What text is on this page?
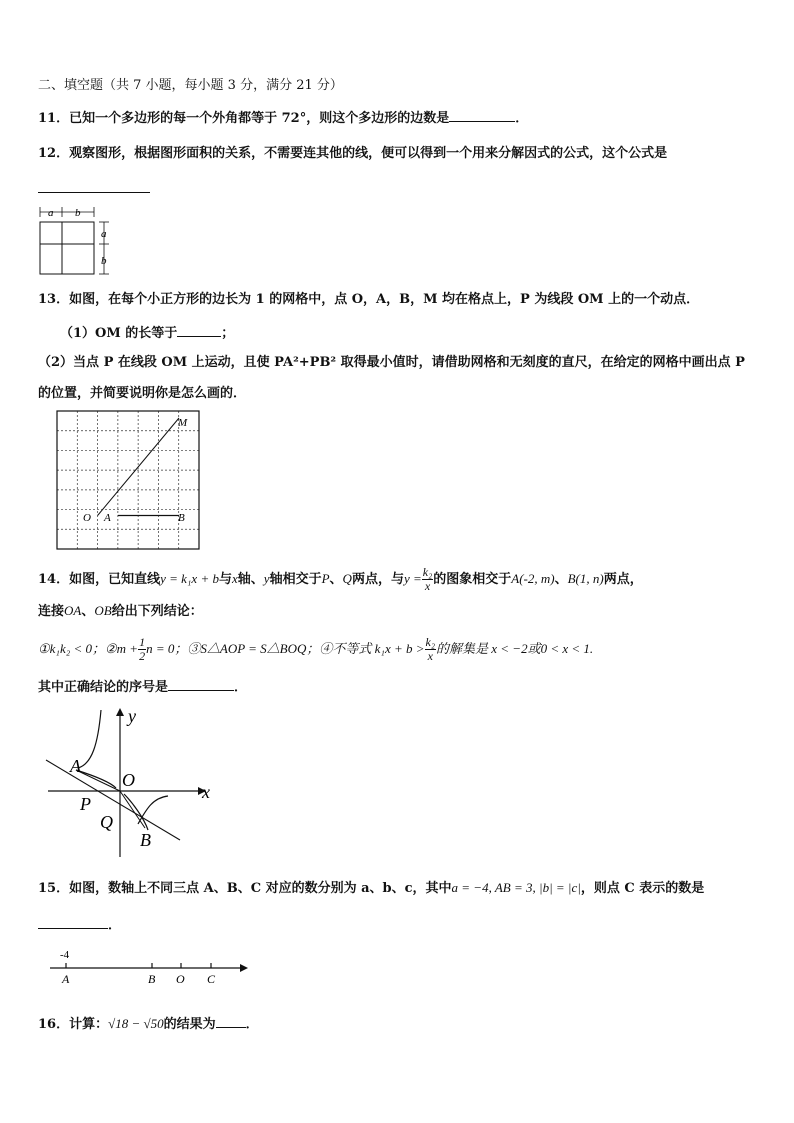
二、填空题（共 7 小题，每小题 3 分，满分 21 分）
11．已知一个多边形的每一个外角都等于 72°，则这个多边形的边数是	．
12．观察图形，根据图形面积的关系，不需要连其他的线，便可以得到一个用来分解因式的公式，这个公式是
a b
a
b
13．如图，在每个小正方形的边长为 1 的网格中，点 O，A，B，M 均在格点上，P 为线段 OM 上的一个动点．
（1）OM 的长等于	；
（2）当点 P 在线段 OM 上运动，且使 PA²+PB² 取得最小值时，请借助网格和无刻度的直尺，在给定的网格中画出点 P
的位置，并简要说明你是怎么画的．
O A	B
M
14．如图，已知直线y = k₁x + b与x轴、y轴相交于P、Q两点，与$y = \frac{\text{k₂}}{x}$ 的图象相交于A(-2, m)、B(1, n)两点，
连接OA、OB给出下列结论：
①k₁k₂ < 0；②m + $\frac{1}{2}$ n = 0；③S△AOP = S△BOQ；④不等式 $k_1x + b > \frac{\text{k₂}}{x}$ 的解集是 x < −2或0 < x < 1.
其中正确结论的序号是	．
y
x
O
A
P
Q
B
15．如图，数轴上不同三点 A、B、C 对应的数分别为 a、b、c，其中a = −4, AB = 3, |b| = |c|，则点 C 表示的数是
．
-4
A	B O C
16．计算：√18 − √50的结果为 ．
